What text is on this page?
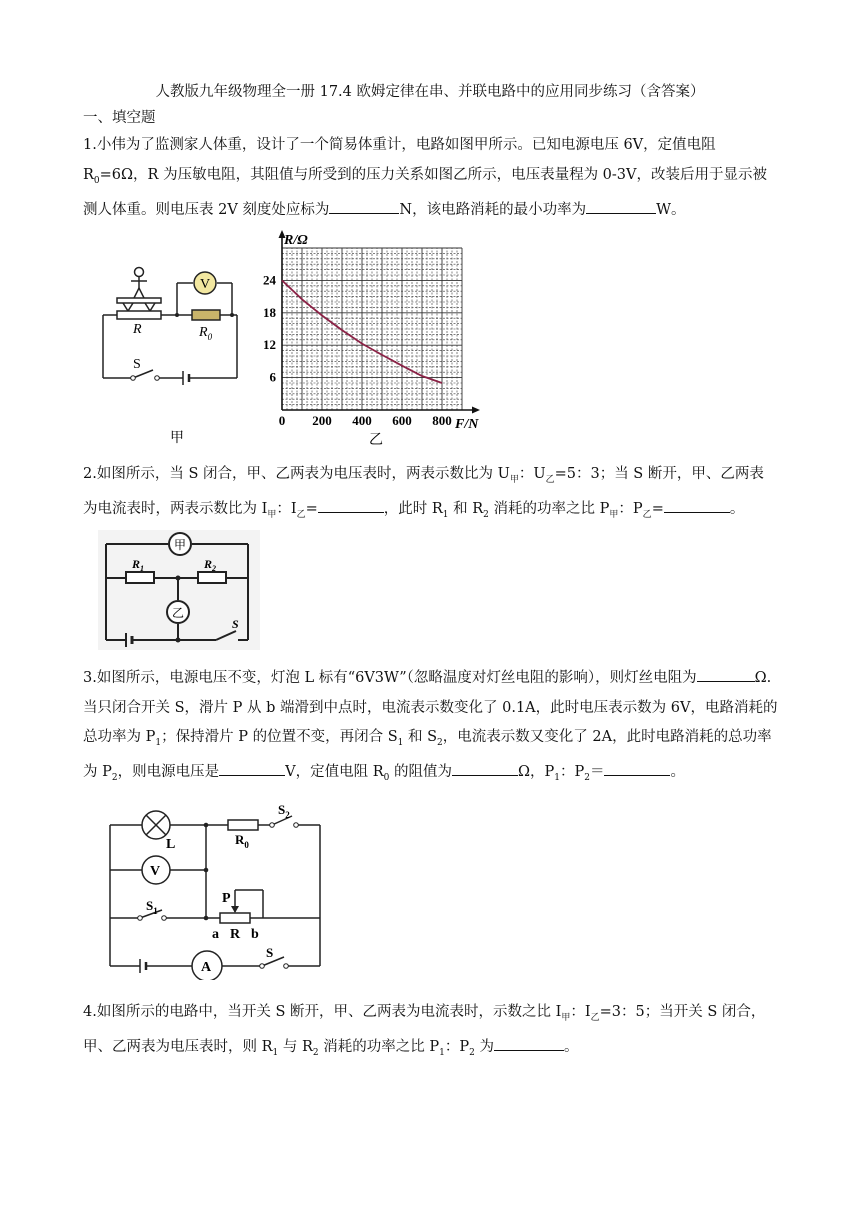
人教版九年级物理全一册 17.4 欧姆定律在串、并联电路中的应用同步练习（含答案）
一、填空题
1.小伟为了监测家人体重，设计了一个简易体重计，电路如图甲所示。已知电源电压 6V，定值电阻 $R_0=6\Omega$，R 为压敏电阻，其阻值与所受到的压力关系如图乙所示，电压表量程为 0-3V，改装后用于显示被测人体重。则电压表 2V 刻度处应标为	N，该电路消耗的最小功率为	W。
V
R	$R_0$
S
甲
0 200 400 600 800
6
12
18
24
R/Ω
F/N
乙
2.如图所示，当 S 闭合，甲、乙两表为电压表时，两表示数比为 $U_甲$：$U_乙=5$：3；当 S 断开，甲、乙两表为电流表时，两表示数比为 $I_甲$：$I_乙=$	，此时 $R_1$ 和 $R_2$ 消耗的功率之比 $P_甲$：$P_乙=$	。
甲
乙
$R_1$	$R_2$
S
3.如图所示，电源电压不变，灯泡 L 标有“6V3W”（忽略温度对灯丝电阻的影响），则灯丝电阻为	Ω. 当只闭合开关 S，滑片 P 从 b 端滑到中点时，电流表示数变化了 0.1A，此时电压表示数为 6V，电路消耗的总功率为 $P_1$；保持滑片 P 的位置不变，再闭合 $S_1$ 和 $S_2$，电流表示数又变化了 2A，此时电路消耗的总功率为 $P_2$，则电源电压是	V，定值电阻 $R_0$ 的阻值为	Ω，$P_1$：$P_2=$	。
L
V
A
$R_0$
$S_2$
$S_1$
S
P
a R b
4.如图所示的电路中，当开关 S 断开，甲、乙两表为电流表时，示数之比 $I_甲$：$I_乙=3$：5；当开关 S 闭合，甲、乙两表为电压表时，则 $R_1$ 与 $R_2$ 消耗的功率之比 $P_1$：$P_2$ 为	。
